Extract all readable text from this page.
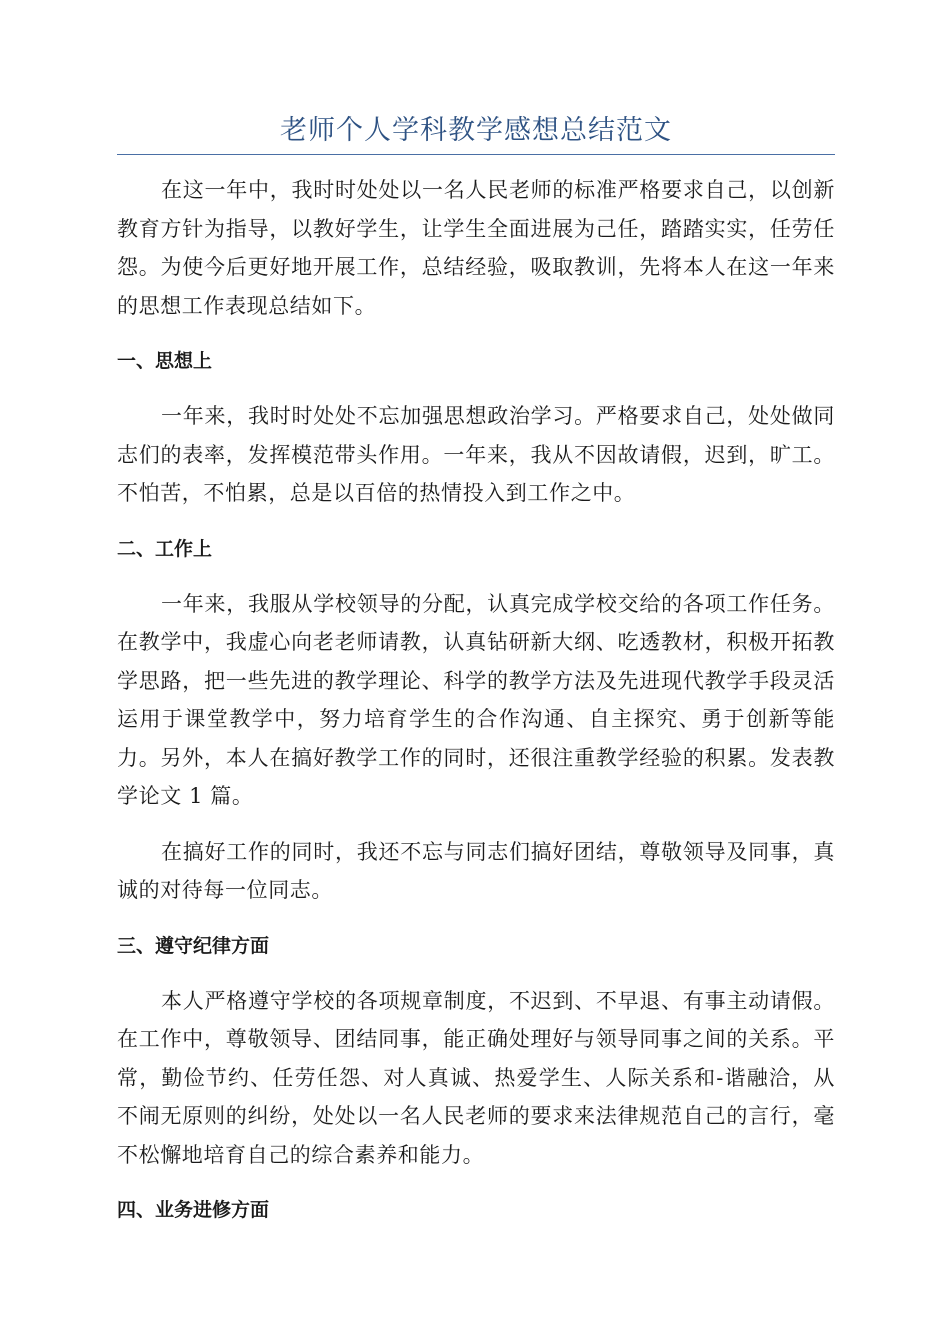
老师个人学科教学感想总结范文

在这一年中，我时时处处以一名人民老师的标准严格要求自己，以创新教育方针为指导，以教好学生，让学生全面进展为己任，踏踏实实，任劳任怨。为使今后更好地开展工作，总结经验，吸取教训，先将本人在这一年来的思想工作表现总结如下。

一、思想上

一年来，我时时处处不忘加强思想政治学习。严格要求自己，处处做同志们的表率，发挥模范带头作用。一年来，我从不因故请假，迟到，旷工。不怕苦，不怕累，总是以百倍的热情投入到工作之中。

二、工作上

一年来，我服从学校领导的分配，认真完成学校交给的各项工作任务。在教学中，我虚心向老老师请教，认真钻研新大纲、吃透教材，积极开拓教学思路，把一些先进的教学理论、科学的教学方法及先进现代教学手段灵活运用于课堂教学中，努力培育学生的合作沟通、自主探究、勇于创新等能力。另外，本人在搞好教学工作的同时，还很注重教学经验的积累。发表教学论文 1 篇。

在搞好工作的同时，我还不忘与同志们搞好团结，尊敬领导及同事，真诚的对待每一位同志。

三、遵守纪律方面

本人严格遵守学校的各项规章制度，不迟到、不早退、有事主动请假。在工作中，尊敬领导、团结同事，能正确处理好与领导同事之间的关系。平常，勤俭节约、任劳任怨、对人真诚、热爱学生、人际关系和-谐融洽，从不闹无原则的纠纷，处处以一名人民老师的要求来法律规范自己的言行，毫不松懈地培育自己的综合素养和能力。

四、业务进修方面
